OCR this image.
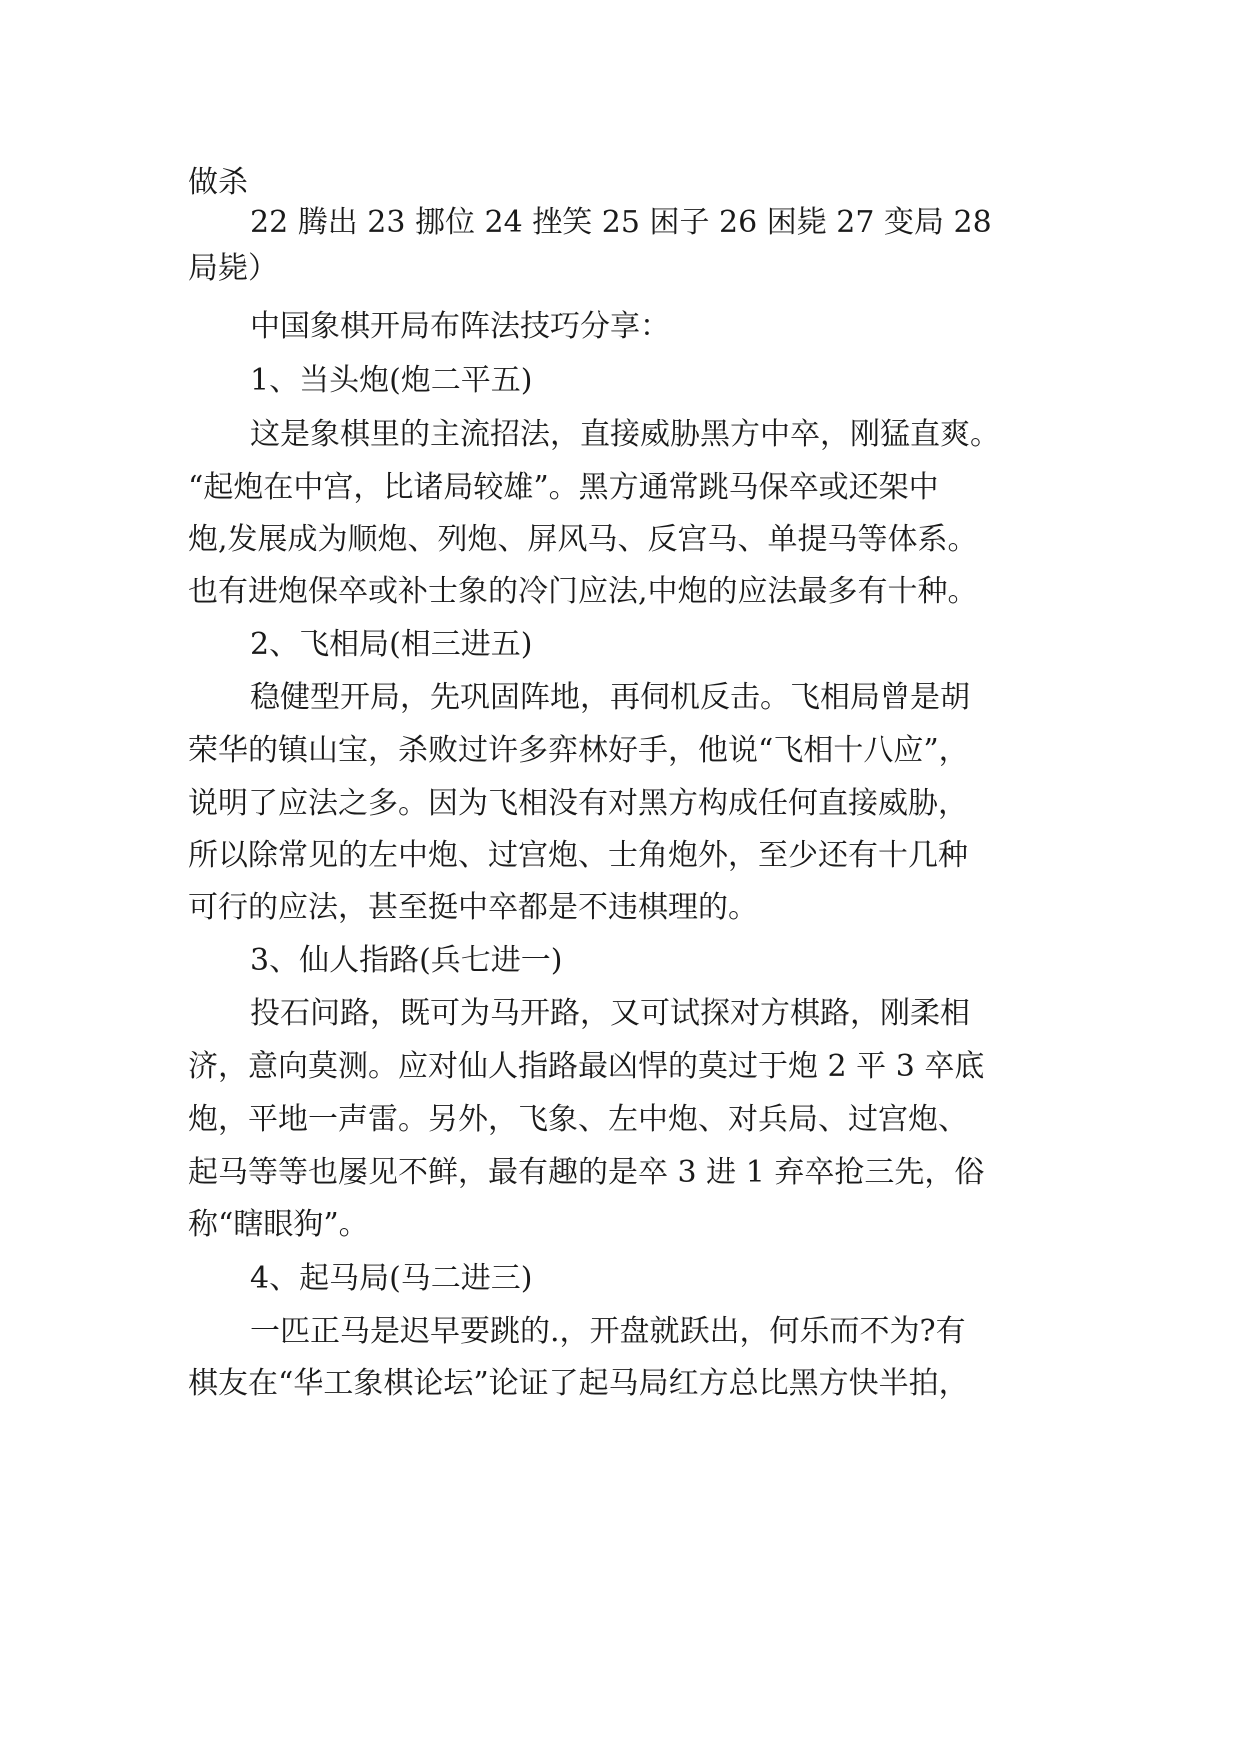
做杀
22 腾出 23 挪位 24 挫笑 25 困子 26 困毙 27 变局 28
局毙）
中国象棋开局布阵法技巧分享：
1、当头炮(炮二平五)
这是象棋里的主流招法，直接威胁黑方中卒，刚猛直爽。
“起炮在中宫，比诸局较雄”。黑方通常跳马保卒或还架中
炮,发展成为顺炮、列炮、屏风马、反宫马、单提马等体系。
也有进炮保卒或补士象的冷门应法,中炮的应法最多有十种。
2、飞相局(相三进五)
稳健型开局，先巩固阵地，再伺机反击。飞相局曾是胡
荣华的镇山宝，杀败过许多弈林好手，他说“飞相十八应”，
说明了应法之多。因为飞相没有对黑方构成任何直接威胁，
所以除常见的左中炮、过宫炮、士角炮外，至少还有十几种
可行的应法，甚至挺中卒都是不违棋理的。
3、仙人指路(兵七进一)
投石问路，既可为马开路，又可试探对方棋路，刚柔相
济，意向莫测。应对仙人指路最凶悍的莫过于炮 2 平 3 卒底
炮，平地一声雷。另外，飞象、左中炮、对兵局、过宫炮、
起马等等也屡见不鲜，最有趣的是卒 3 进 1 弃卒抢三先，俗
称“瞎眼狗”。
4、起马局(马二进三)
一匹正马是迟早要跳的.，开盘就跃出，何乐而不为?有
棋友在“华工象棋论坛”论证了起马局红方总比黑方快半拍，
